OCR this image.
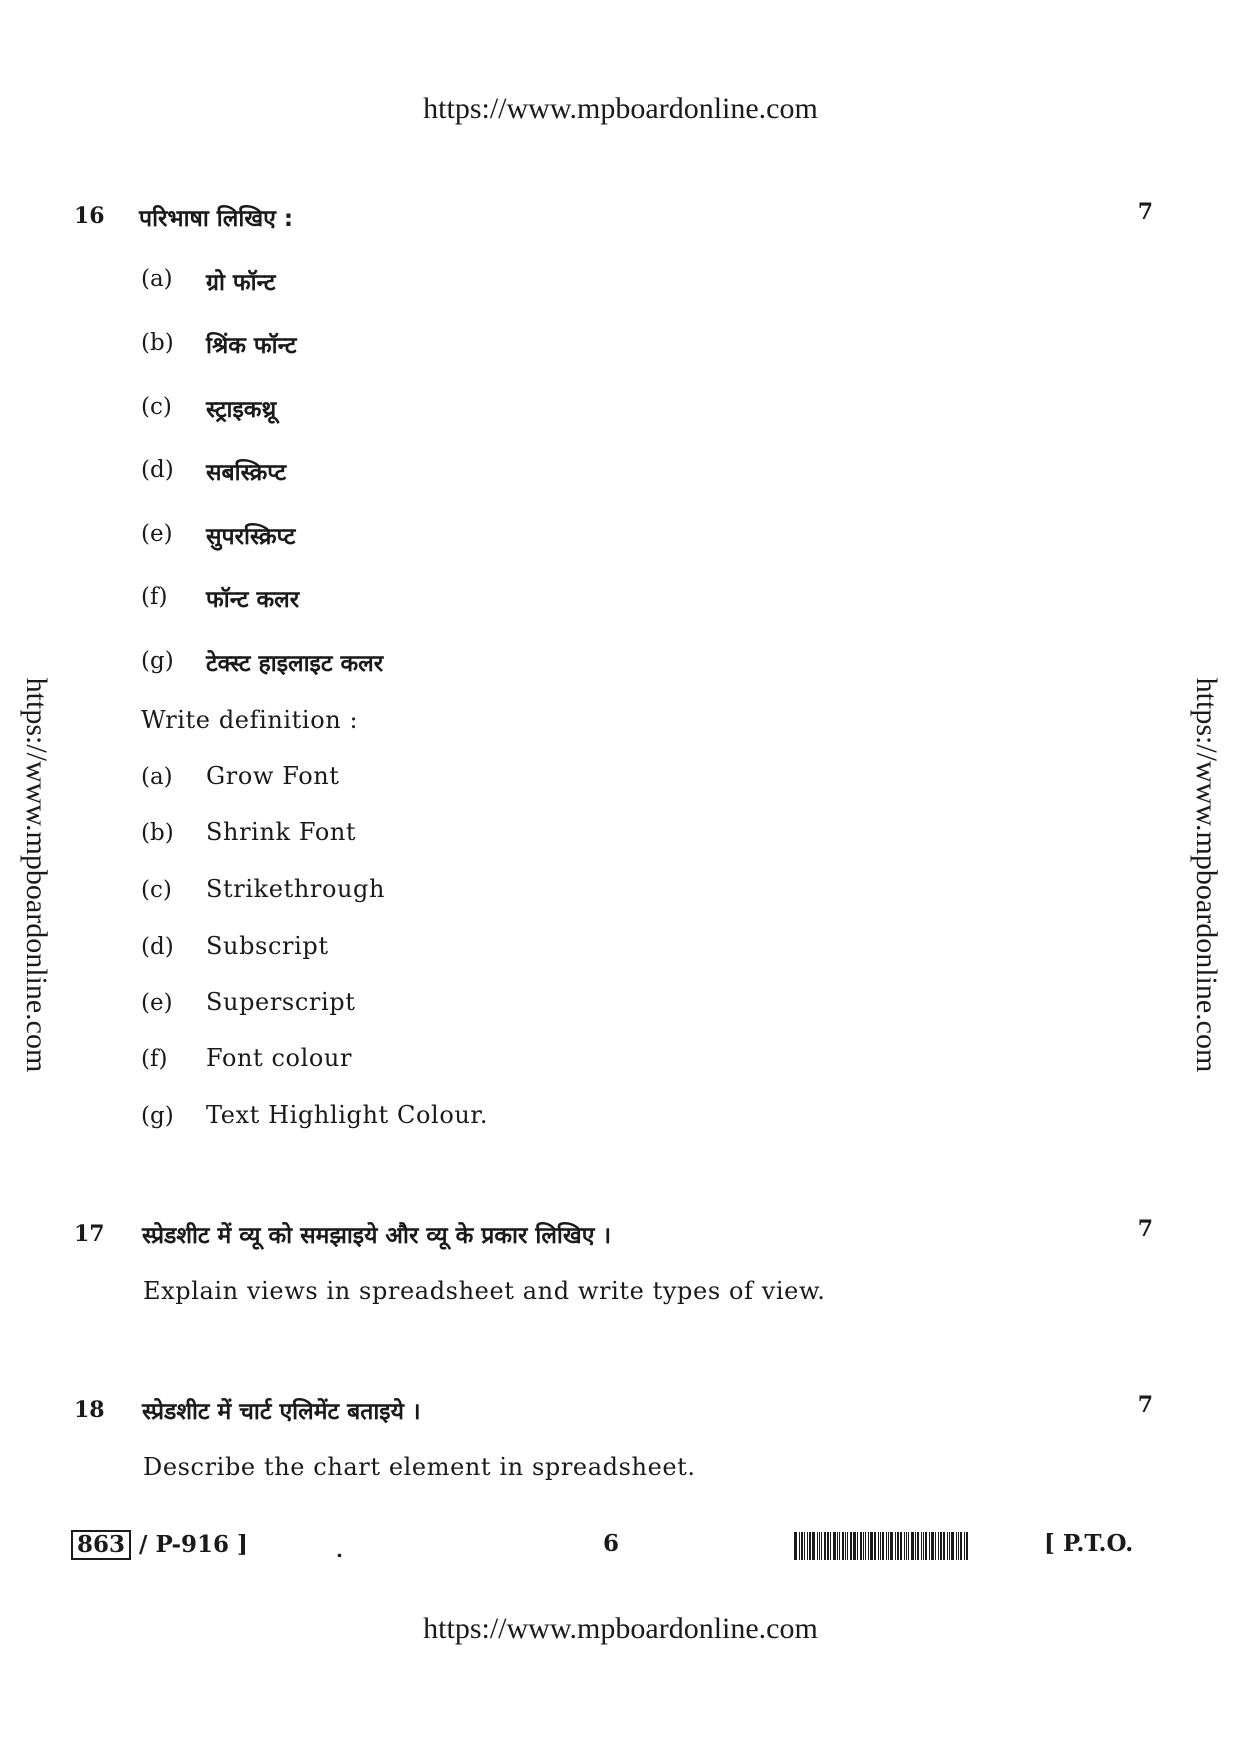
https://www.mpboardonline.com
https://www.mpboardonline.com	https://www.mpboardonline.com
https://www.mpboardonline.com
16 परिभाषा लिखिए :	7
(a) ग्रो फॉन्ट
(b) श्रिंक फॉन्ट
(c) स्ट्राइकथ्रू
(d) सबस्क्रिप्ट
(e) सुपरस्क्रिप्ट
(f) फॉन्ट कलर
(g) टेक्स्ट हाइलाइट कलर
Write definition :
(a) Grow Font
(b) Shrink Font
(c) Strikethrough
(d) Subscript
(e) Superscript
(f) Font colour
(g) Text Highlight Colour.
17 स्प्रेडशीट में व्यू को समझाइये और व्यू के प्रकार लिखिए ।	7
Explain views in spreadsheet and write types of view.
18 स्प्रेडशीट में चार्ट एलिमेंट बताइये ।	7
Describe the chart element in spreadsheet.
863 / P-916 ]	.	6	[ P.T.O.
